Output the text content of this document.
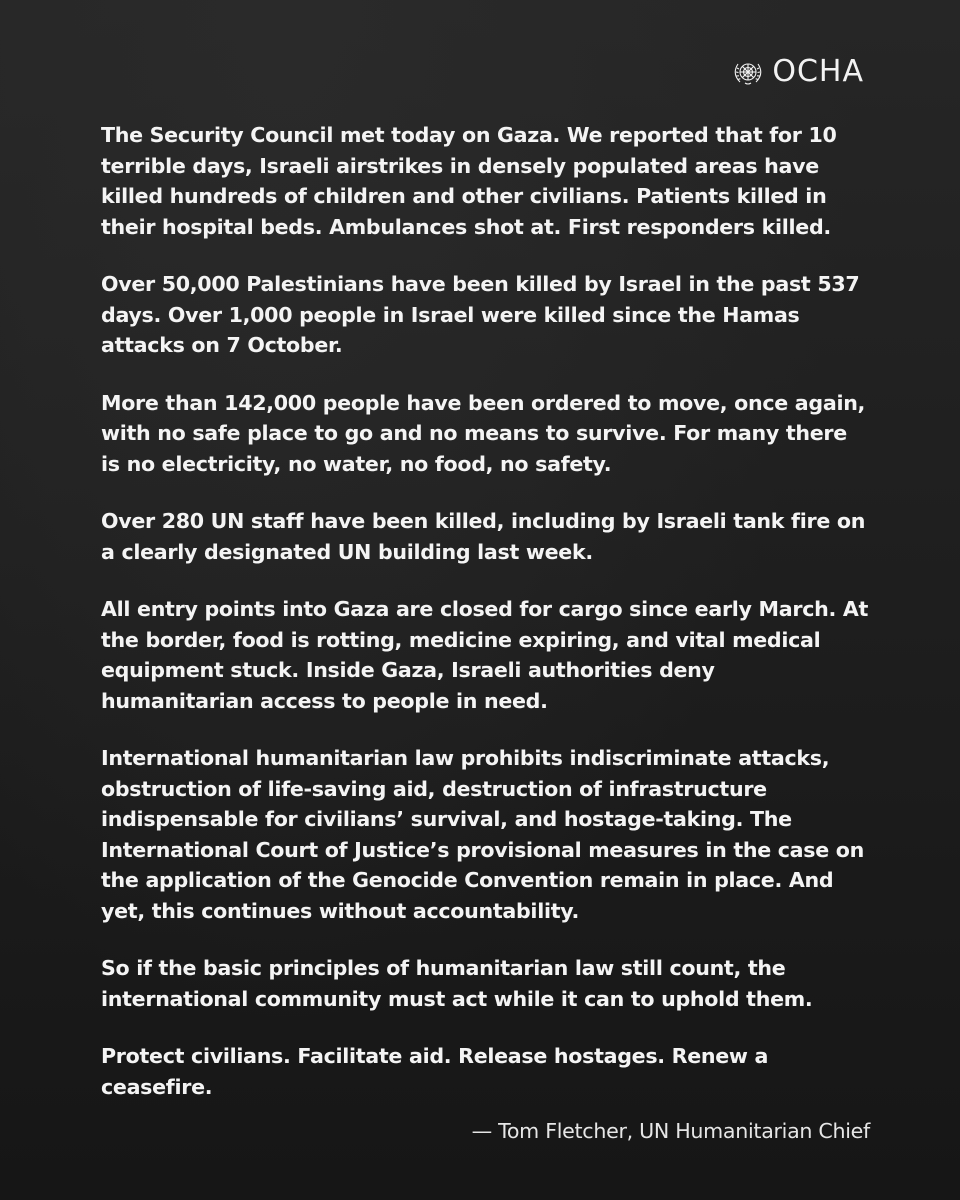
OCHA

The Security Council met today on Gaza. We reported that for 10 terrible days, Israeli airstrikes in densely populated areas have killed hundreds of children and other civilians. Patients killed in their hospital beds. Ambulances shot at. First responders killed.

Over 50,000 Palestinians have been killed by Israel in the past 537 days. Over 1,000 people in Israel were killed since the Hamas attacks on 7 October.

More than 142,000 people have been ordered to move, once again, with no safe place to go and no means to survive. For many there is no electricity, no water, no food, no safety.

Over 280 UN staff have been killed, including by Israeli tank fire on a clearly designated UN building last week.

All entry points into Gaza are closed for cargo since early March. At the border, food is rotting, medicine expiring, and vital medical equipment stuck. Inside Gaza, Israeli authorities deny humanitarian access to people in need.

International humanitarian law prohibits indiscriminate attacks, obstruction of life-saving aid, destruction of infrastructure indispensable for civilians’ survival, and hostage-taking. The International Court of Justice’s provisional measures in the case on the application of the Genocide Convention remain in place. And yet, this continues without accountability.

So if the basic principles of humanitarian law still count, the international community must act while it can to uphold them.

Protect civilians. Facilitate aid. Release hostages. Renew a ceasefire.

— Tom Fletcher, UN Humanitarian Chief
